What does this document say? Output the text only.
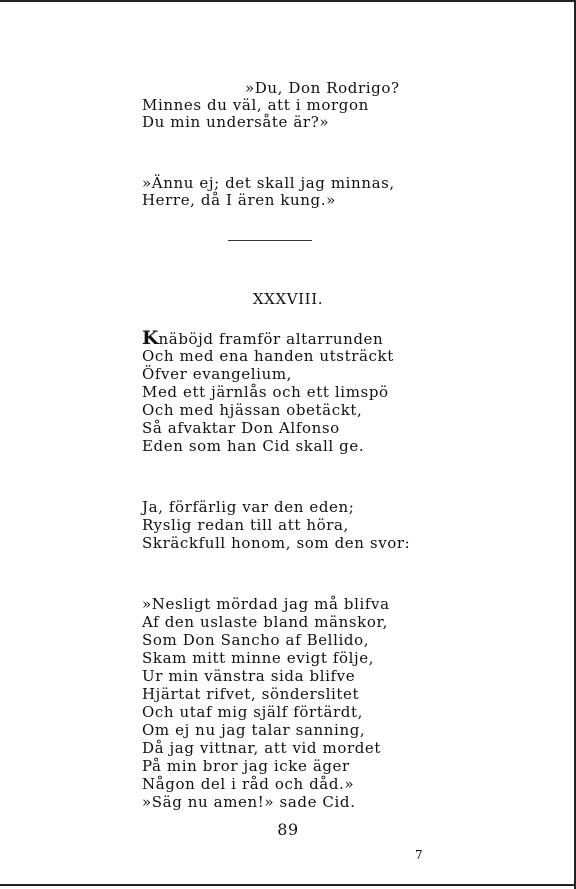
»Du, Don Rodrigo?
Minnes du väl, att i morgon
Du min undersåte är?»
»Ännu ej; det skall jag minnas,
Herre, då I ären kung.»
XXXVIII.
Knäböjd framför altarrunden
Och med ena handen utsträckt
Öfver evangelium,
Med ett järnlås och ett limspö
Och med hjässan obetäckt,
Så afvaktar Don Alfonso
Eden som han Cid skall ge.
Ja, förfärlig var den eden;
Ryslig redan till att höra,
Skräckfull honom, som den svor:
»Nesligt mördad jag må blifva
Af den uslaste bland mänskor,
Som Don Sancho af Bellido,
Skam mitt minne evigt följe,
Ur min vänstra sida blifve
Hjärtat rifvet, sönderslitet
Och utaf mig själf förtärdt,
Om ej nu jag talar sanning,
Då jag vittnar, att vid mordet
På min bror jag icke äger
Någon del i råd och dåd.»
»Säg nu amen!» sade Cid.
89
7
